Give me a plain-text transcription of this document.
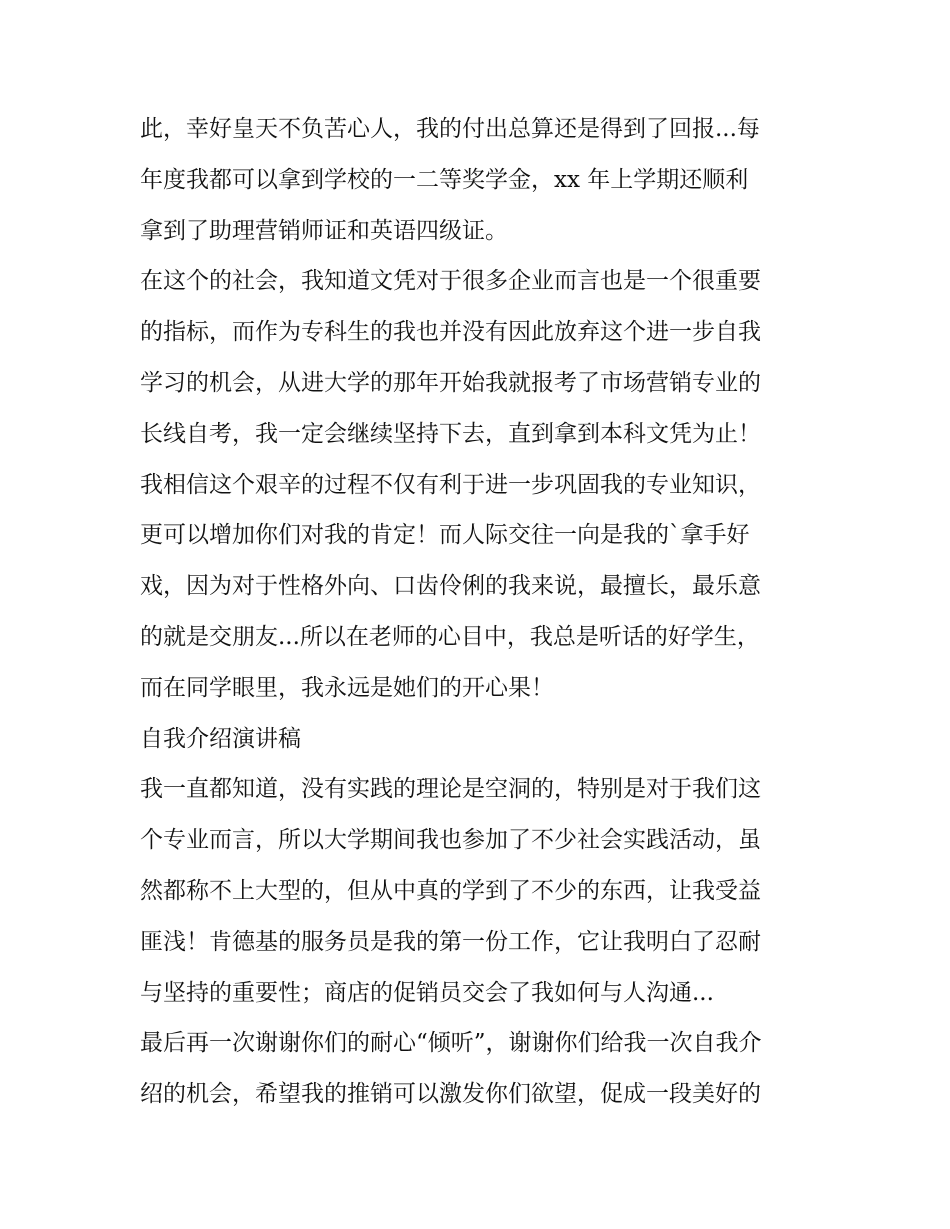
此，幸好皇天不负苦心人，我的付出总算还是得到了回报...每
年度我都可以拿到学校的一二等奖学金，xx 年上学期还顺利
拿到了助理营销师证和英语四级证。
在这个的社会，我知道文凭对于很多企业而言也是一个很重要
的指标，而作为专科生的我也并没有因此放弃这个进一步自我
学习的机会，从进大学的那年开始我就报考了市场营销专业的
长线自考，我一定会继续坚持下去，直到拿到本科文凭为止！
我相信这个艰辛的过程不仅有利于进一步巩固我的专业知识，
更可以增加你们对我的肯定！而人际交往一向是我的`拿手好
戏，因为对于性格外向、口齿伶俐的我来说，最擅长，最乐意
的就是交朋友...所以在老师的心目中，我总是听话的好学生，
而在同学眼里，我永远是她们的开心果！
自我介绍演讲稿
我一直都知道，没有实践的理论是空洞的，特别是对于我们这
个专业而言，所以大学期间我也参加了不少社会实践活动，虽
然都称不上大型的，但从中真的学到了不少的东西，让我受益
匪浅！肯德基的服务员是我的第一份工作，它让我明白了忍耐
与坚持的重要性；商店的促销员交会了我如何与人沟通...
最后再一次谢谢你们的耐心“倾听”，谢谢你们给我一次自我介
绍的机会，希望我的推销可以激发你们欲望，促成一段美好的
